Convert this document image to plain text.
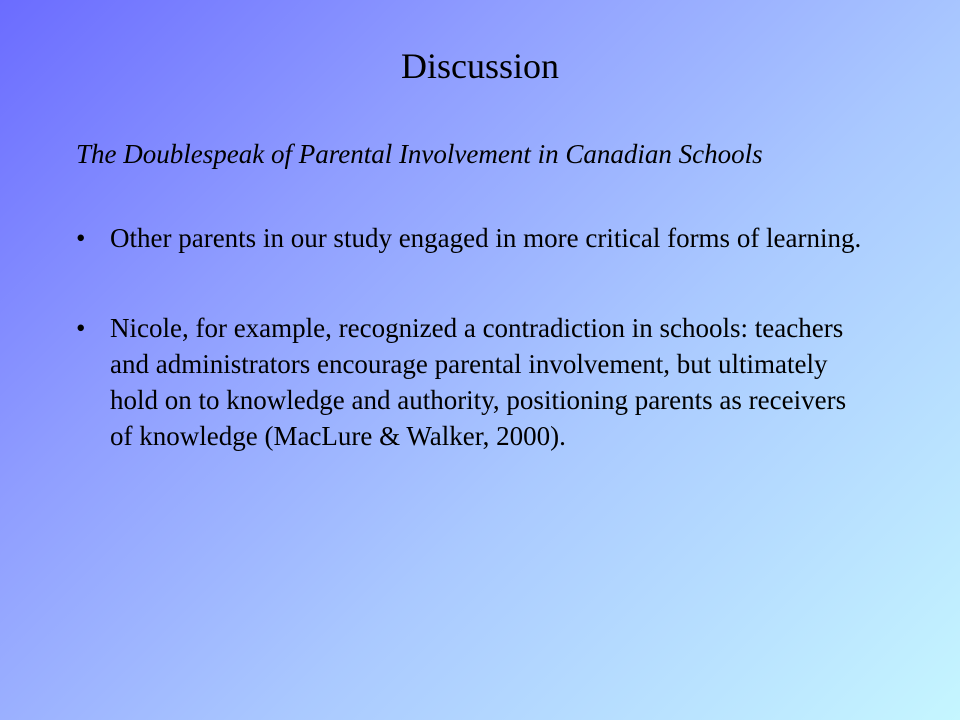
Discussion
The Doublespeak of Parental Involvement in Canadian Schools
• Other parents in our study engaged in more critical forms of learning.
• Nicole, for example, recognized a contradiction in schools: teachers and administrators encourage parental involvement, but ultimately hold on to knowledge and authority, positioning parents as receivers of knowledge (MacLure & Walker, 2000).
